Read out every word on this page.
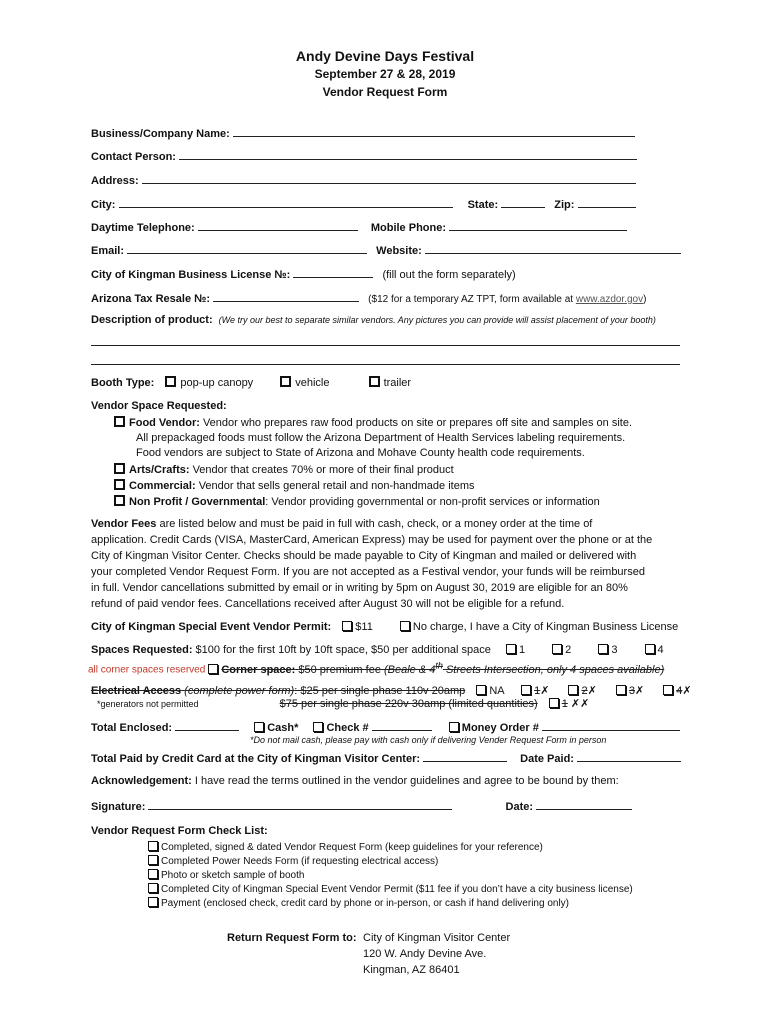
Andy Devine Days Festival
September 27 & 28, 2019
Vendor Request Form
Business/Company Name:
Contact Person:
Address:
City:	State:	Zip:
Daytime Telephone:	Mobile Phone:
Email:	Website:
City of Kingman Business License №:	(fill out the form separately)
Arizona Tax Resale №:	($12 for a temporary AZ TPT, form available at www.azdor.gov)
Description of product: (We try our best to separate similar vendors. Any pictures you can provide will assist placement of your booth)
Booth Type: pop-up canopy	vehicle	trailer
Vendor Space Requested:
Food Vendor: Vendor who prepares raw food products on site or prepares off site and samples on site.
All prepackaged foods must follow the Arizona Department of Health Services labeling requirements.
Food vendors are subject to State of Arizona and Mohave County health code requirements.
Arts/Crafts: Vendor that creates 70% or more of their final product
Commercial: Vendor that sells general retail and non-handmade items
Non Profit / Governmental: Vendor providing governmental or non-profit services or information
Vendor Fees are listed below and must be paid in full with cash, check, or a money order at the time of
application. Credit Cards (VISA, MasterCard, American Express) may be used for payment over the phone or at the
City of Kingman Visitor Center. Checks should be made payable to City of Kingman and mailed or delivered with
your completed Vendor Request Form. If you are not accepted as a Festival vendor, your funds will be reimbursed
in full. Vendor cancellations submitted by email or in writing by 5pm on August 30, 2019 are eligible for an 80%
refund of paid vendor fees. Cancellations received after August 30 will not be eligible for a refund.
City of Kingman Special Event Vendor Permit: $11	No charge, I have a City of Kingman Business License
Spaces Requested: $100 for the first 10ft by 10ft space, $50 per additional space	1	2	3	4
all corner spaces reserved Corner space: $50 premium fee (Beale & 4th Streets Intersection, only 4 spaces available)
Electrical Access (complete power form): $25 per single phase 110v 20amp NA	1✗	2✗	3✗	4✗
*generators not permitted	$75 per single phase 220v 30amp (limited quantities) 1 ✗✗
Total Enclosed:	Cash*	Check #	Money Order #
*Do not mail cash, please pay with cash only if delivering Vender Request Form in person
Total Paid by Credit Card at the City of Kingman Visitor Center:	Date Paid:
Acknowledgement: I have read the terms outlined in the vendor guidelines and agree to be bound by them:
Signature:	Date:
Vendor Request Form Check List:
Completed, signed & dated Vendor Request Form (keep guidelines for your reference)
Completed Power Needs Form (if requesting electrical access)
Photo or sketch sample of booth
Completed City of Kingman Special Event Vendor Permit ($11 fee if you don’t have a city business license)
Payment (enclosed check, credit card by phone or in-person, or cash if hand delivering only)
Return Request Form to: City of Kingman Visitor Center
120 W. Andy Devine Ave.
Kingman, AZ 86401
